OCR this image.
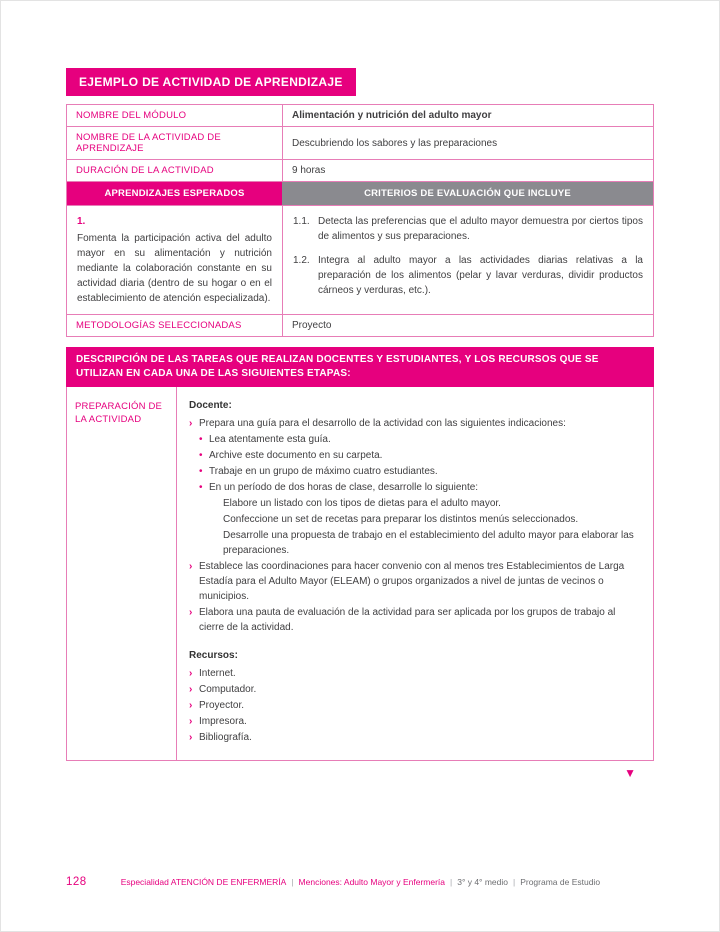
EJEMPLO DE ACTIVIDAD DE APRENDIZAJE
NOMBRE DEL MÓDULO	Alimentación y nutrición del adulto mayor
NOMBRE DE LA ACTIVIDAD DE APRENDIZAJE	Descubriendo los sabores y las preparaciones
DURACIÓN DE LA ACTIVIDAD	9 horas
APRENDIZAJES ESPERADOS	CRITERIOS DE EVALUACIÓN QUE INCLUYE
1.

Fomenta la participación activa del adulto mayor en su alimentación y nutrición mediante la colaboración constante en su actividad diaria (dentro de su hogar o en el establecimiento de atención especializada).

1.1. Detecta las preferencias que el adulto mayor demuestra por ciertos tipos de alimentos y sus preparaciones.
1.2. Integra al adulto mayor a las actividades diarias relativas a la preparación de los alimentos (pelar y lavar verduras, dividir productos cárneos y verduras, etc.).
METODOLOGÍAS SELECCIONADAS	Proyecto
DESCRIPCIÓN DE LAS TAREAS QUE REALIZAN DOCENTES Y ESTUDIANTES, Y LOS RECURSOS QUE SE UTILIZAN EN CADA UNA DE LAS SIGUIENTES ETAPAS:
PREPARACIÓN DE LA ACTIVIDAD
Docente:
› Prepara una guía para el desarrollo de la actividad con las siguientes indicaciones:
• Lea atentamente esta guía.
• Archive este documento en su carpeta.
• Trabaje en un grupo de máximo cuatro estudiantes.
• En un período de dos horas de clase, desarrolle lo siguiente:
Elabore un listado con los tipos de dietas para el adulto mayor.
Confeccione un set de recetas para preparar los distintos menús seleccionados.
Desarrolle una propuesta de trabajo en el establecimiento del adulto mayor para elaborar las preparaciones.
› Establece las coordinaciones para hacer convenio con al menos tres Establecimientos de Larga Estadía para el Adulto Mayor (ELEAM) o grupos organizados a nivel de juntas de vecinos o municipios.
› Elabora una pauta de evaluación de la actividad para ser aplicada por los grupos de trabajo al cierre de la actividad.
Recursos:
› Internet.
› Computador.
› Proyector.
› Impresora.
› Bibliografía.
▼
128	Especialidad ATENCIÓN DE ENFERMERÍA | Menciones: Adulto Mayor y Enfermería | 3° y 4° medio | Programa de Estudio
